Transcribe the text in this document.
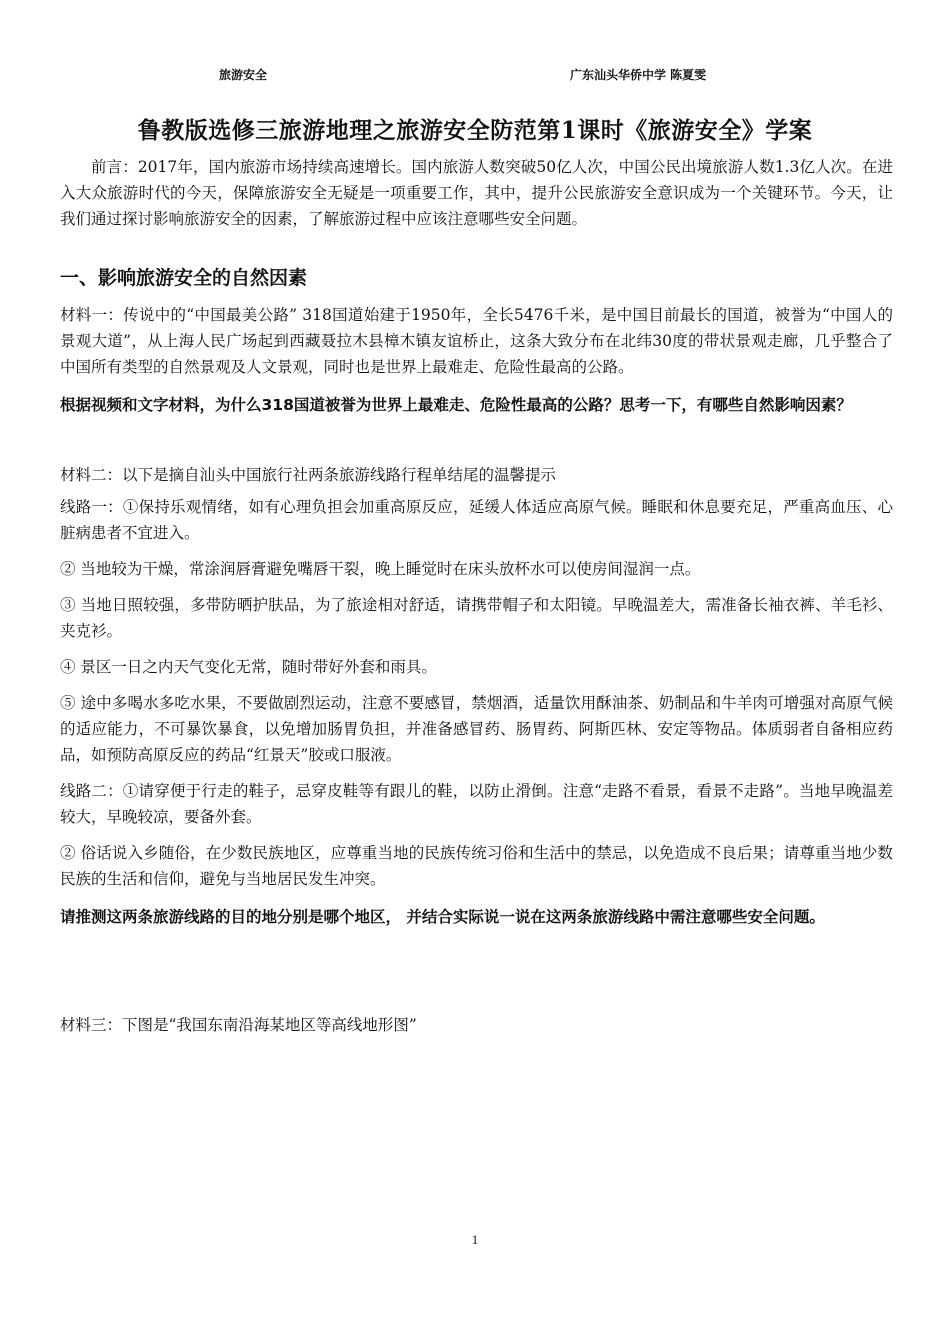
旅游安全	广东汕头华侨中学 陈夏雯
鲁教版选修三旅游地理之旅游安全防范第1课时《旅游安全》学案

前言：2017年，国内旅游市场持续高速增长。国内旅游人数突破50亿人次，中国公民出境旅游人数1.3亿人次。在进入大众旅游时代的今天，保障旅游安全无疑是一项重要工作，其中，提升公民旅游安全意识成为一个关键环节。今天，让我们通过探讨影响旅游安全的因素，了解旅游过程中应该注意哪些安全问题。

一、影响旅游安全的自然因素

材料一：传说中的“中国最美公路” 318国道始建于1950年，全长5476千米，是中国目前最长的国道，被誉为“中国人的景观大道”，从上海人民广场起到西藏聂拉木县樟木镇友谊桥止，这条大致分布在北纬30度的带状景观走廊，几乎整合了中国所有类型的自然景观及人文景观，同时也是世界上最难走、危险性最高的公路。

根据视频和文字材料，为什么318国道被誉为世界上最难走、危险性最高的公路？思考一下，有哪些自然影响因素？

材料二：以下是摘自汕头中国旅行社两条旅游线路行程单结尾的温馨提示

线路一：①保持乐观情绪，如有心理负担会加重高原反应，延缓人体适应高原气候。睡眠和休息要充足，严重高血压、心脏病患者不宜进入。

② 当地较为干燥，常涂润唇膏避免嘴唇干裂，晚上睡觉时在床头放杯水可以使房间湿润一点。

③ 当地日照较强，多带防晒护肤品，为了旅途相对舒适，请携带帽子和太阳镜。早晚温差大，需准备长袖衣裤、羊毛衫、夹克衫。

④ 景区一日之内天气变化无常，随时带好外套和雨具。

⑤ 途中多喝水多吃水果，不要做剧烈运动，注意不要感冒，禁烟酒，适量饮用酥油茶、奶制品和牛羊肉可增强对高原气候的适应能力，不可暴饮暴食，以免增加肠胃负担，并准备感冒药、肠胃药、阿斯匹林、安定等物品。体质弱者自备相应药品，如预防高原反应的药品“红景天”胶或口服液。

线路二：①请穿便于行走的鞋子，忌穿皮鞋等有跟儿的鞋，以防止滑倒。注意“走路不看景，看景不走路”。当地早晚温差较大，早晚较凉，要备外套。

② 俗话说入乡随俗，在少数民族地区，应尊重当地的民族传统习俗和生活中的禁忌，以免造成不良后果；请尊重当地少数民族的生活和信仰，避免与当地居民发生冲突。

请推测这两条旅游线路的目的地分别是哪个地区， 并结合实际说一说在这两条旅游线路中需注意哪些安全问题。

材料三：下图是“我国东南沿海某地区等高线地形图”

1
